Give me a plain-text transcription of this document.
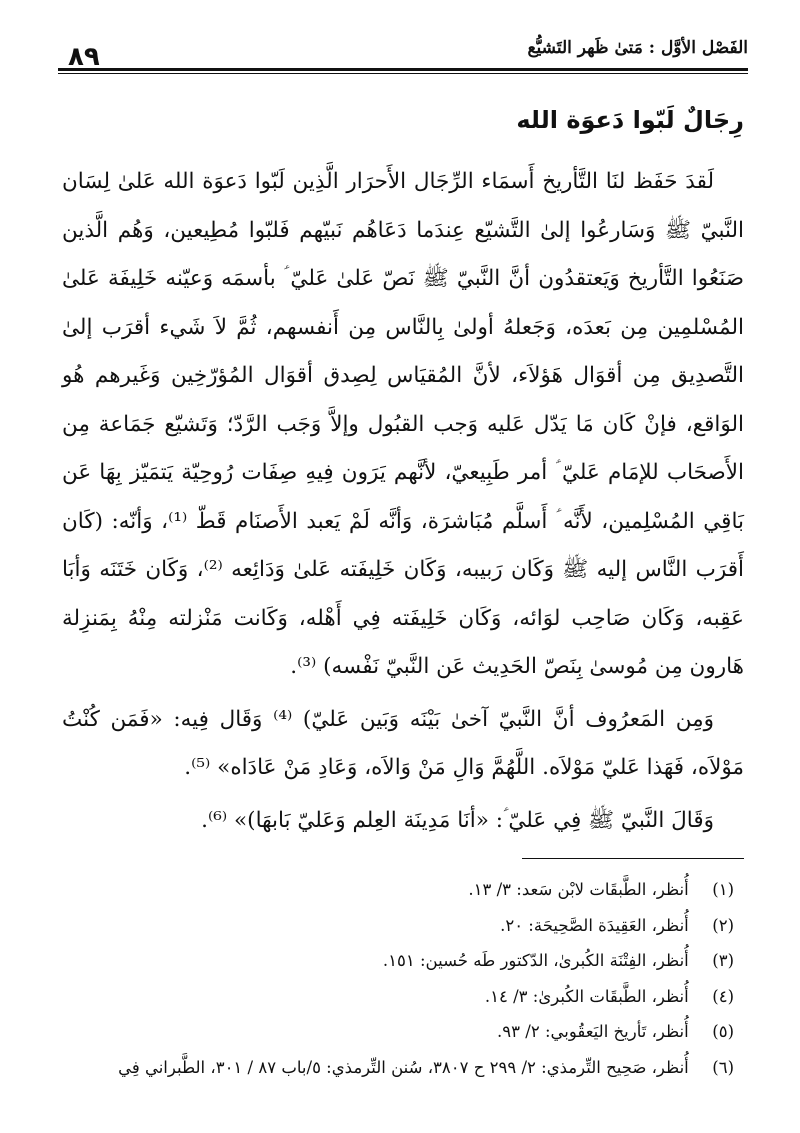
٨٩	الفَصْل الأوَّل : مَتىٰ ظَهر التَشيُّع
رِجَالٌ لَبّوا دَعوَة الله

لَقدَ حَفَظ لنَا التَّأريخ أَسمَاء الرِّجَال الأَحرَار الَّذِين لَبّوا دَعوَة الله عَلىٰ لِسَان النَّبيّ ﷺ وَسَارعُوا إلىٰ التَّشيّع عِندَما دَعَاهُم نَبيّهم فَلبّوا مُطِيعين، وَهُم الَّذين صَنَعُوا التَّأريخ وَيَعتقدُون أنَّ النَّبيّ ﷺ نَصّ عَلىٰ عَليّ ؑ بأسمَه وَعيّنه خَلِيفَة عَلىٰ المُسْلمِين مِن بَعدَه، وَجَعلهُ أولىٰ بِالنَّاس مِن أَنفسهم، ثُمَّ لاَ شَيء أقرَب إلىٰ التَّصدِيق مِن أقوَال هَؤلاَء، لأنَّ المُقيَاس لِصِدق أقوَال المُؤرّخِين وَغَيرهم هُو الوَاقع، فإنْ كَان مَا يَدّل عَليه وَجب القبُول وإلاَّ وَجَب الرَّدّ؛ وَتَشيّع جَمَاعة مِن الأَصحَاب للإمَام عَليّ ؑ أمر طَبِيعيّ، لأنَّهم يَرَون فِيهِ صِفَات رُوحِيّة يَتمَيّز بِهَا عَن بَاقِي المُسْلِمين، لأَنَّه ؑ أَسلَّم مُبَاشرَة، وَأنَّه لَمْ يَعبد الأَصنَام قَطّ ⁽¹⁾، وَأنّه: (كَان أَقرَب النَّاس إليه ﷺ وَكَان رَبيبه، وَكَان خَلِيفَته عَلىٰ وَدَائِعه ⁽²⁾، وَكَان خَتَنَه وَأبَا عَقِبه، وَكَان صَاحِب لوَائه، وَكَان خَلِيفَته فِي أَهْله، وَكَانت مَنْزلته مِنْهُ بِمَنزِلة هَارون مِن مُوسىٰ بِنَصّ الحَدِيث عَن النَّبيّ نَفْسه) ⁽³⁾.

وَمِن المَعرُوف أنَّ النَّبيّ آخىٰ بَيْنَه وَبَين عَليّ) ⁽⁴⁾ وَقَال فِيه: «فَمَن كُنْتُ مَوْلاَه، فَهَذا عَليّ مَوْلاَه. اللَّهُمَّ وَالِ مَنْ وَالاَه، وَعَادِ مَنْ عَادَاه» ⁽⁵⁾.

وَقَالَ النَّبيّ ﷺ فِي عَليّ ؑ: «أنَا مَدِينَة العِلم وَعَليّ بَابهَا)» ⁽⁶⁾.

(١) أُنظر، الطَّبقَات لابْن سَعد: ٣/ ١٣.
(٢) أُنظر، العَقِيدَة الصَّحِيحَة: ٢٠.
(٣) أُنظر، الفِتْنَة الكُبرىٰ، الدّكتور طَه حُسين: ١٥١.
(٤) أُنظر، الطَّبقَات الكُبرىٰ: ٣/ ١٤.
(٥) أُنظر، تَأريخ اليَعقُوبي: ٢/ ٩٣.
(٦) أُنظر، صَحِيح التِّرمذي: ٢/ ٢٩٩ ح ٣٨٠٧، سُنن التِّرمذي: ٥/باب ٨٧ / ٣٠١، الطَّبراني فِي
